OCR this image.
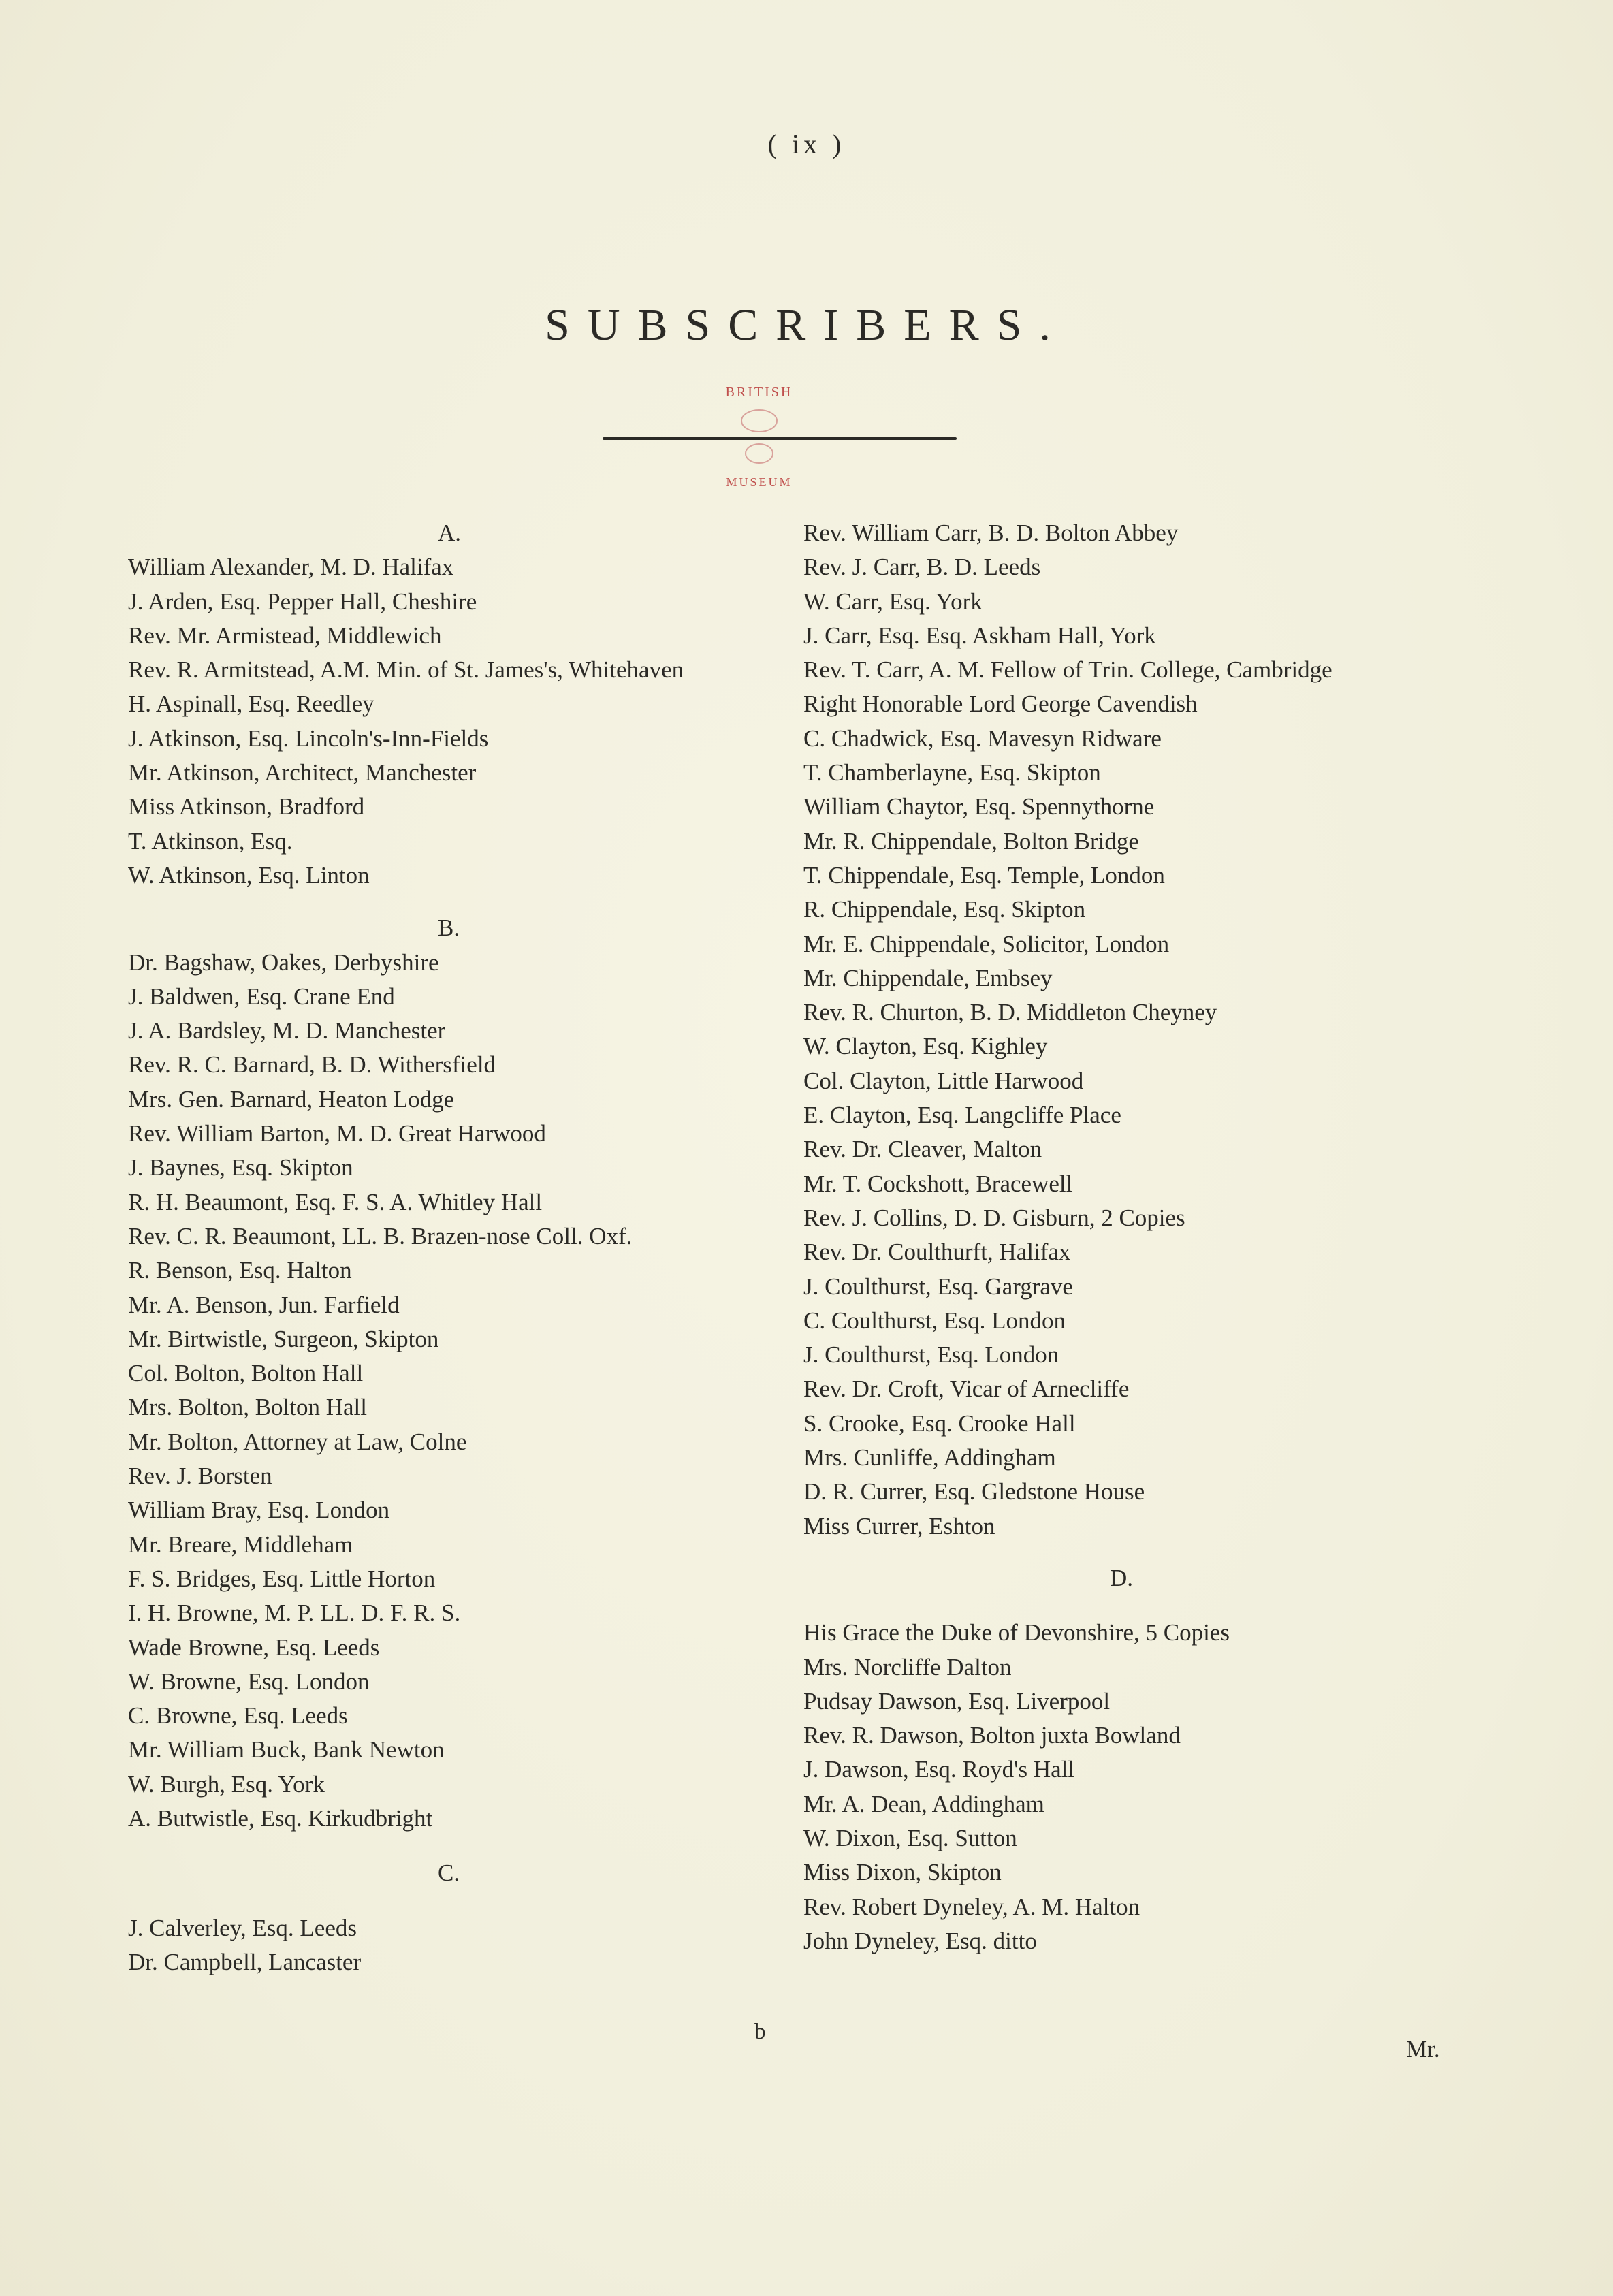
( ix )
SUBSCRIBERS.
BRITISH
MUSEUM
A.
William Alexander, M. D. Halifax
J. Arden, Esq. Pepper Hall, Cheshire
Rev. Mr. Armistead, Middlewich
Rev. R. Armitstead, A.M. Min. of St. James's, Whitehaven
H. Aspinall, Esq. Reedley
J. Atkinson, Esq. Lincoln's-Inn-Fields
Mr. Atkinson, Architect, Manchester
Miss Atkinson, Bradford
T. Atkinson, Esq.
W. Atkinson, Esq. Linton
B.
Dr. Bagshaw, Oakes, Derbyshire
J. Baldwen, Esq. Crane End
J. A. Bardsley, M. D. Manchester
Rev. R. C. Barnard, B. D. Withersfield
Mrs. Gen. Barnard, Heaton Lodge
Rev. William Barton, M. D. Great Harwood
J. Baynes, Esq. Skipton
R. H. Beaumont, Esq. F. S. A. Whitley Hall
Rev. C. R. Beaumont, LL. B. Brazen-nose Coll. Oxf.
R. Benson, Esq. Halton
Mr. A. Benson, Jun. Farfield
Mr. Birtwistle, Surgeon, Skipton
Col. Bolton, Bolton Hall
Mrs. Bolton, Bolton Hall
Mr. Bolton, Attorney at Law, Colne
Rev. J. Borsten
William Bray, Esq. London
Mr. Breare, Middleham
F. S. Bridges, Esq. Little Horton
I. H. Browne, M. P. LL. D. F. R. S.
Wade Browne, Esq. Leeds
W. Browne, Esq. London
C. Browne, Esq. Leeds
Mr. William Buck, Bank Newton
W. Burgh, Esq. York
A. Butwistle, Esq. Kirkudbright
C.
J. Calverley, Esq. Leeds
Dr. Campbell, Lancaster
Rev. William Carr, B. D. Bolton Abbey
Rev. J. Carr, B. D. Leeds
W. Carr, Esq. York
J. Carr, Esq. Esq. Askham Hall, York
Rev. T. Carr, A. M. Fellow of Trin. College, Cambridge
Right Honorable Lord George Cavendish
C. Chadwick, Esq. Mavesyn Ridware
T. Chamberlayne, Esq. Skipton
William Chaytor, Esq. Spennythorne
Mr. R. Chippendale, Bolton Bridge
T. Chippendale, Esq. Temple, London
R. Chippendale, Esq. Skipton
Mr. E. Chippendale, Solicitor, London
Mr. Chippendale, Embsey
Rev. R. Churton, B. D. Middleton Cheyney
W. Clayton, Esq. Kighley
Col. Clayton, Little Harwood
E. Clayton, Esq. Langcliffe Place
Rev. Dr. Cleaver, Malton
Mr. T. Cockshott, Bracewell
Rev. J. Collins, D. D. Gisburn, 2 Copies
Rev. Dr. Coulthurft, Halifax
J. Coulthurst, Esq. Gargrave
C. Coulthurst, Esq. London
J. Coulthurst, Esq. London
Rev. Dr. Croft, Vicar of Arnecliffe
S. Crooke, Esq. Crooke Hall
Mrs. Cunliffe, Addingham
D. R. Currer, Esq. Gledstone House
Miss Currer, Eshton
D.
His Grace the Duke of Devonshire, 5 Copies
Mrs. Norcliffe Dalton
Pudsay Dawson, Esq. Liverpool
Rev. R. Dawson, Bolton juxta Bowland
J. Dawson, Esq. Royd's Hall
Mr. A. Dean, Addingham
W. Dixon, Esq. Sutton
Miss Dixon, Skipton
Rev. Robert Dyneley, A. M. Halton
John Dyneley, Esq. ditto
b
Mr.
